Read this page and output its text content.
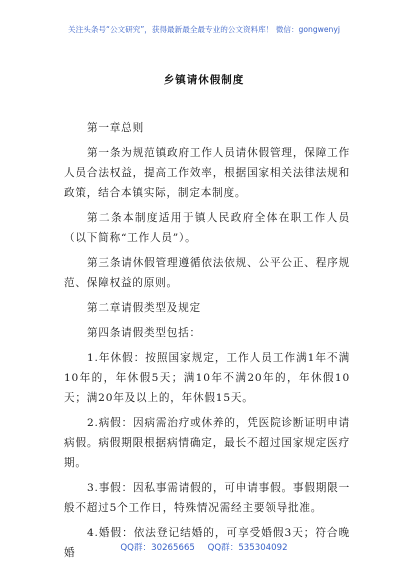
关注头条号“公文研究”，获得最新最全最专业的公文资料库！ 微信：gongwenyj
乡镇请休假制度

第一章总则

第一条为规范镇政府工作人员请休假管理，保障工作人员合法权益，提高工作效率，根据国家相关法律法规和政策，结合本镇实际，制定本制度。

第二条本制度适用于镇人民政府全体在职工作人员（以下简称“工作人员”）。

第三条请休假管理遵循依法依规、公平公正、程序规范、保障权益的原则。

第二章请假类型及规定

第四条请假类型包括：

1.年休假：按照国家规定，工作人员工作满1年不满10年的，年休假5天；满10年不满20年的，年休假10天；满20年及以上的，年休假15天。

2.病假：因病需治疗或休养的，凭医院诊断证明申请病假。病假期限根据病情确定，最长不超过国家规定医疗期。

3.事假：因私事需请假的，可申请事假。事假期限一般不超过5个工作日，特殊情况需经主要领导批准。

4.婚假：依法登记结婚的，可享受婚假3天；符合晚婚	QQ群：30265665 QQ群：535304092
